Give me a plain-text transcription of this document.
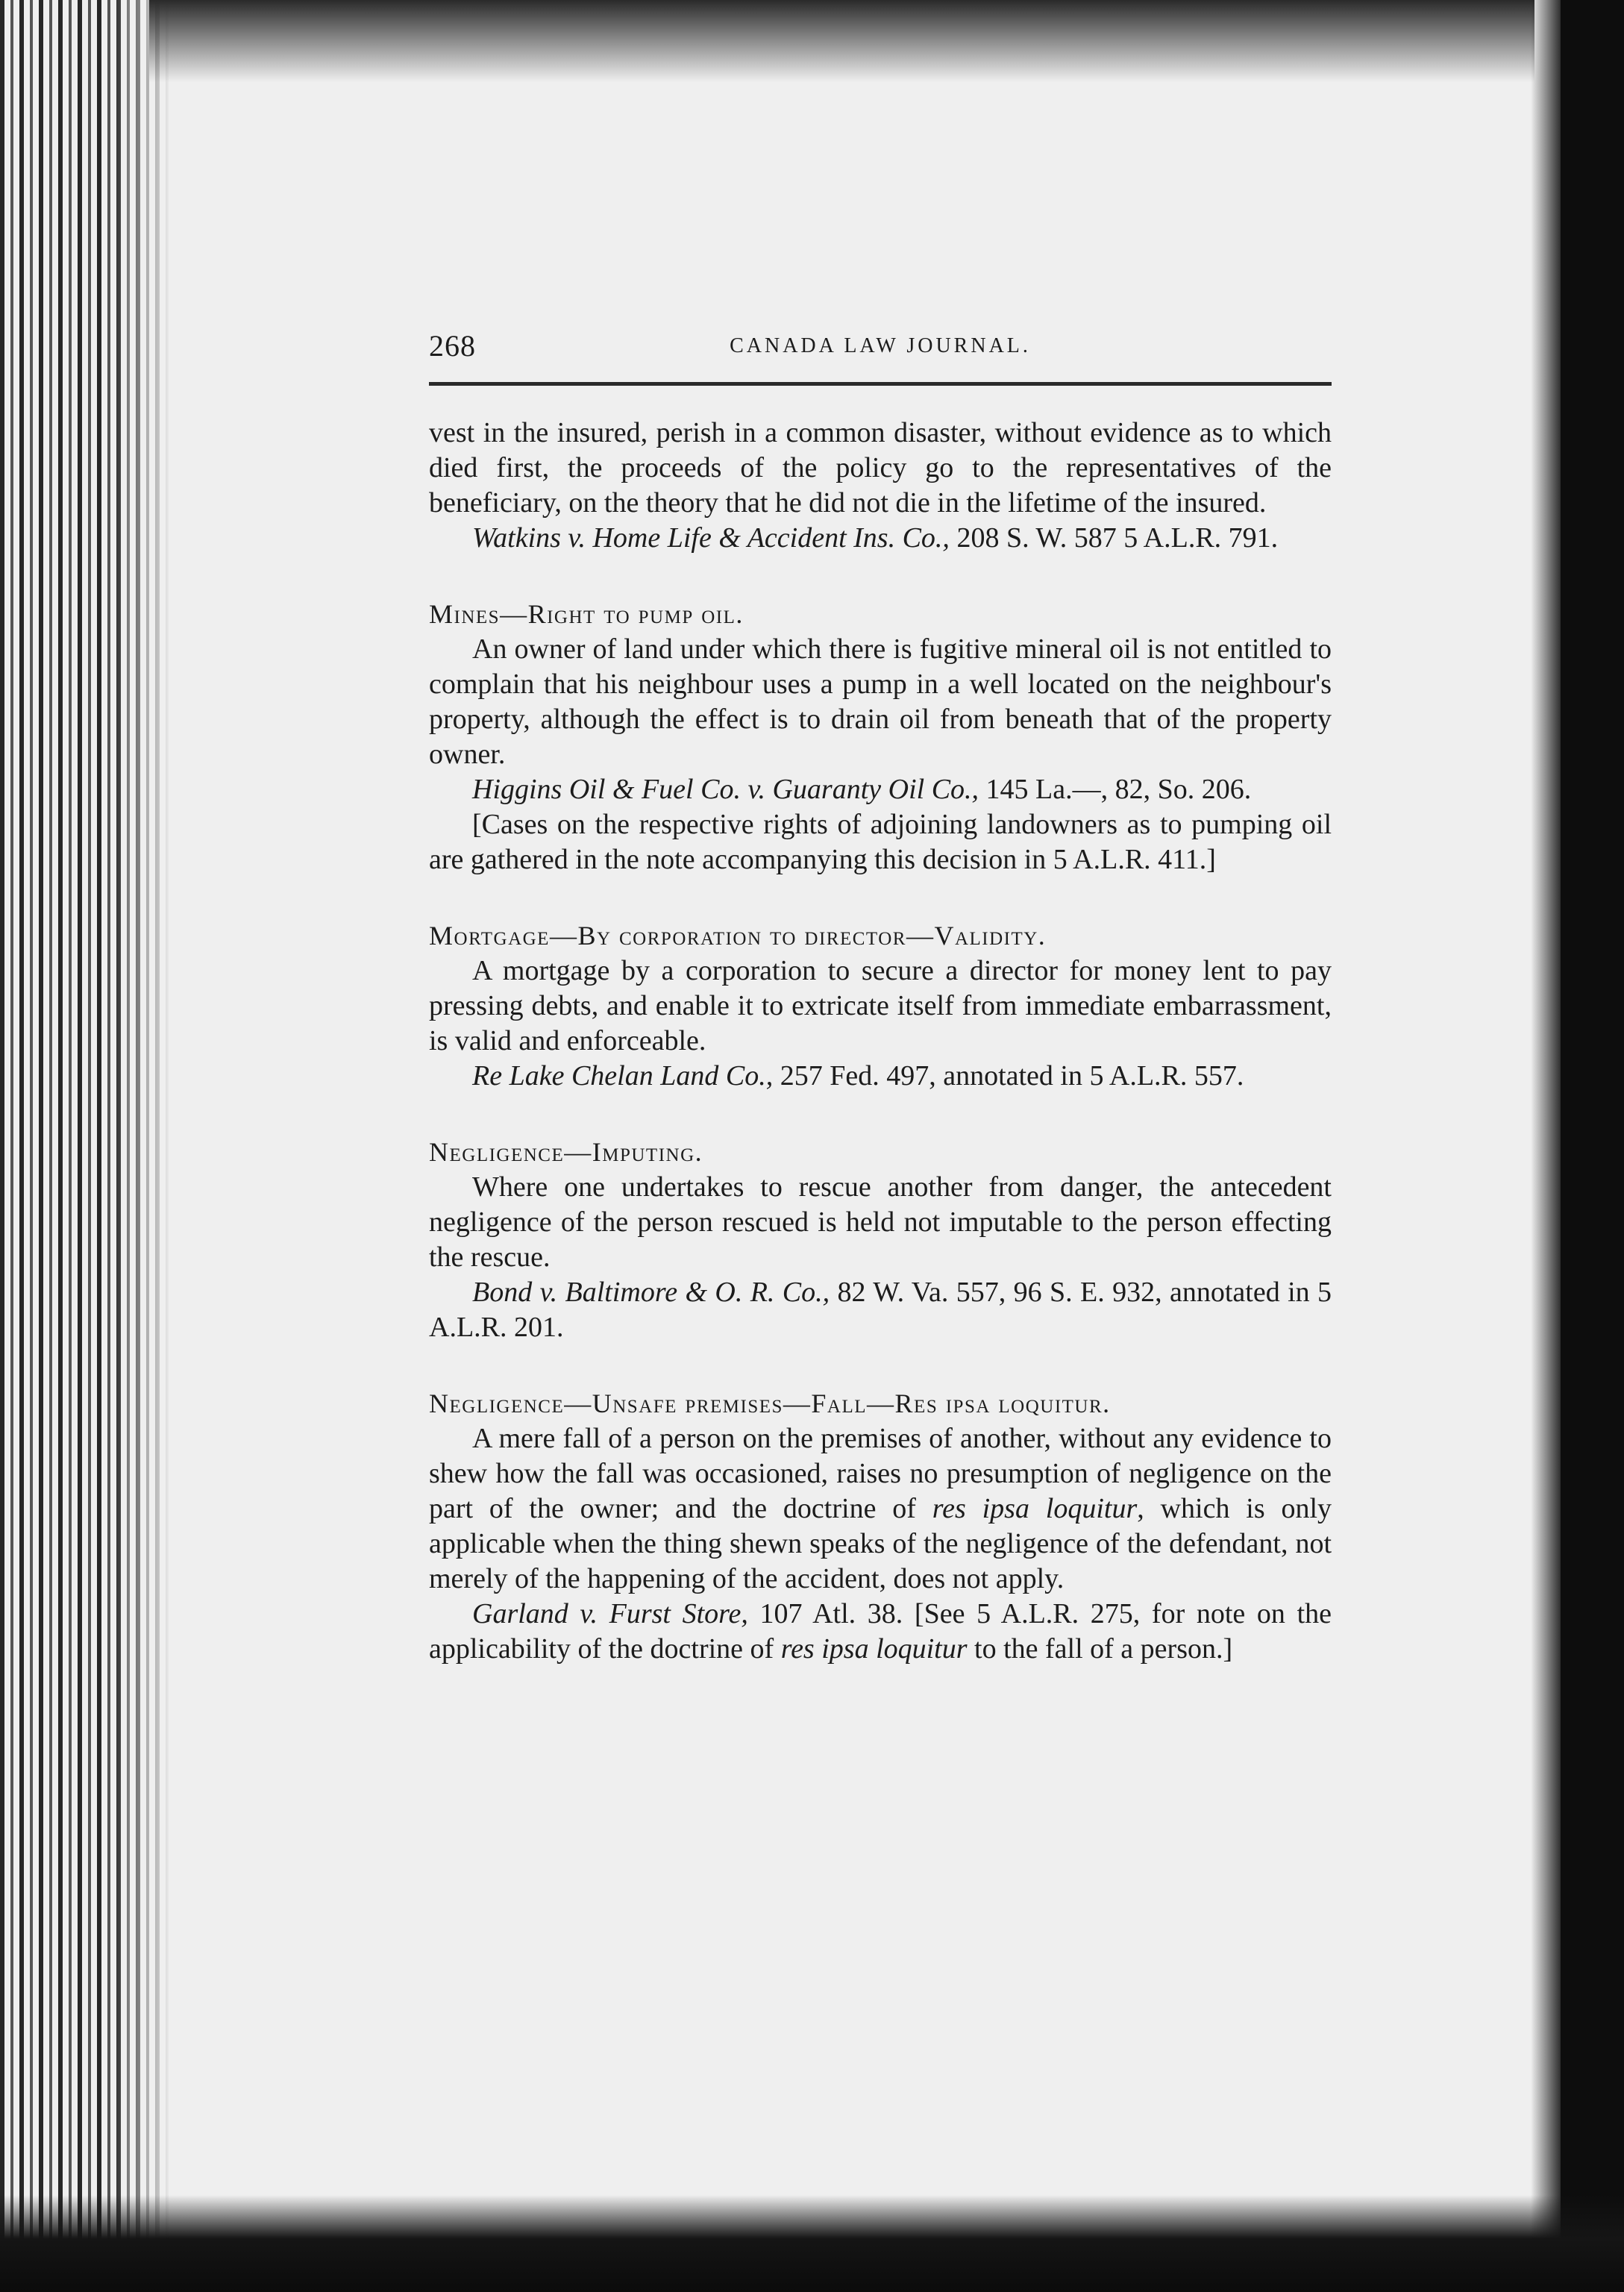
268	CANADA LAW JOURNAL.

vest in the insured, perish in a common disaster, without evidence as to which died first, the proceeds of the policy go to the representatives of the beneficiary, on the theory that he did not die in the lifetime of the insured.

Watkins v. Home Life & Accident Ins. Co., 208 S. W. 587 5 A.L.R. 791.

Mines—Right to pump oil.

An owner of land under which there is fugitive mineral oil is not entitled to complain that his neighbour uses a pump in a well located on the neighbour's property, although the effect is to drain oil from beneath that of the property owner.

Higgins Oil & Fuel Co. v. Guaranty Oil Co., 145 La.—, 82, So. 206.

[Cases on the respective rights of adjoining landowners as to pumping oil are gathered in the note accompanying this decision in 5 A.L.R. 411.]

Mortgage—By corporation to director—Validity.

A mortgage by a corporation to secure a director for money lent to pay pressing debts, and enable it to extricate itself from immediate embarrassment, is valid and enforceable.

Re Lake Chelan Land Co., 257 Fed. 497, annotated in 5 A.L.R. 557.

Negligence—Imputing.

Where one undertakes to rescue another from danger, the antecedent negligence of the person rescued is held not imputable to the person effecting the rescue.

Bond v. Baltimore & O. R. Co., 82 W. Va. 557, 96 S. E. 932, annotated in 5 A.L.R. 201.

Negligence—Unsafe premises—Fall—Res ipsa loquitur.

A mere fall of a person on the premises of another, without any evidence to shew how the fall was occasioned, raises no presumption of negligence on the part of the owner; and the doctrine of res ipsa loquitur, which is only applicable when the thing shewn speaks of the negligence of the defendant, not merely of the happening of the accident, does not apply.

Garland v. Furst Store, 107 Atl. 38. [See 5 A.L.R. 275, for note on the applicability of the doctrine of res ipsa loquitur to the fall of a person.]
